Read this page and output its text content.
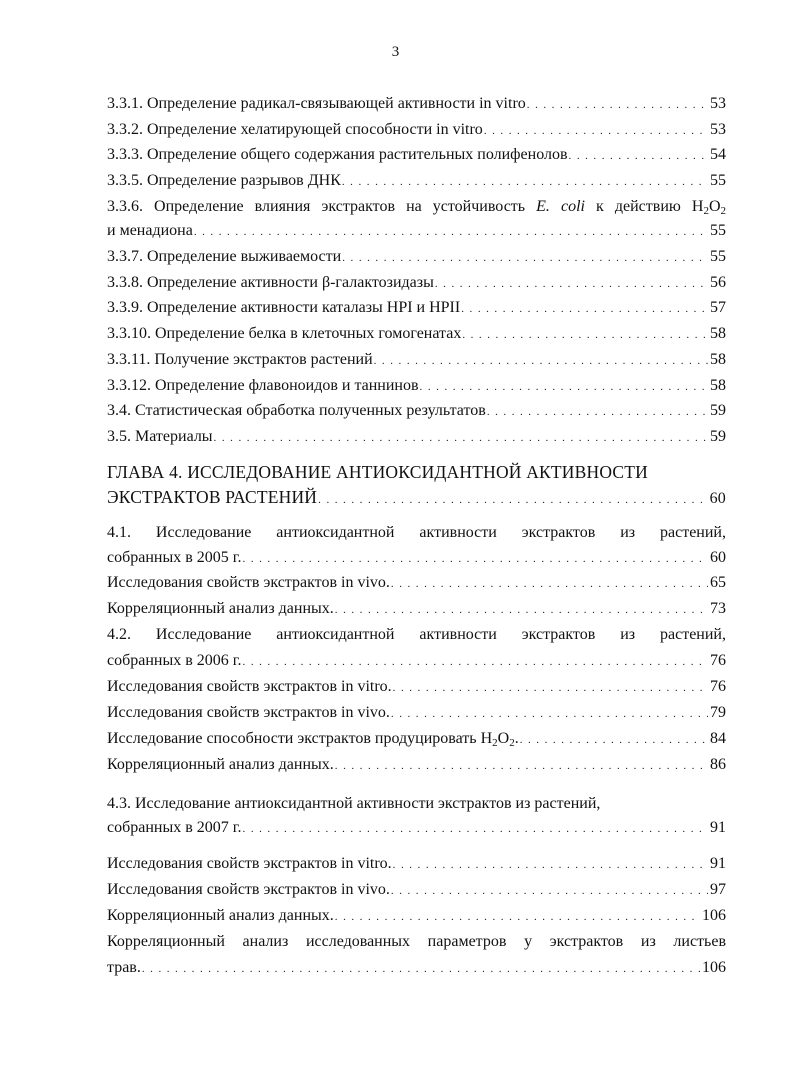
3
3.3.1. Определение радикал-связывающей активности in vitro . . .	53
3.3.2. Определение хелатирующей способности in vitro . . .	53
3.3.3. Определение общего содержания растительных полифенолов . . .	54
3.3.5. Определение разрывов ДНК . . .	55
3.3.6. Определение влияния экстрактов на устойчивость E. coli к действию $H_2O_2$
и менадиона . . .	55
3.3.7. Определение выживаемости . . .	55
3.3.8. Определение активности β-галактозидазы . . .	56
3.3.9. Определение активности каталазы HPI и HPII . . .	57
3.3.10. Определение белка в клеточных гомогенатах . . .	58
3.3.11. Получение экстрактов растений . . .	58
3.3.12. Определение флавоноидов и таннинов . . .	58
3.4. Статистическая обработка полученных результатов . . .	59
3.5. Материалы . . .	59
ГЛАВА 4. ИССЛЕДОВАНИЕ АНТИОКСИДАНТНОЙ АКТИВНОСТИ
ЭКСТРАКТОВ РАСТЕНИЙ . . .	60
4.1. Исследование антиоксидантной активности экстрактов из растений,
собранных в 2005 г. . . .	60
Исследования свойств экстрактов in vivo. . . .	65
Корреляционный анализ данных. . . .	73
4.2. Исследование антиоксидантной активности экстрактов из растений,
собранных в 2006 г. . . .	76
Исследования свойств экстрактов in vitro. . . .	76
Исследования свойств экстрактов in vivo. . . .	79
Исследование способности экстрактов продуцировать $H_2O_2$. . . .	84
Корреляционный анализ данных. . . .	86
4.3. Исследование антиоксидантной активности экстрактов из растений,
собранных в 2007 г. . . .	91
Исследования свойств экстрактов in vitro. . . .	91
Исследования свойств экстрактов in vivo. . . .	97
Корреляционный анализ данных. . . .	106
Корреляционный анализ исследованных параметров у экстрактов из листьев
трав. . . .	106
